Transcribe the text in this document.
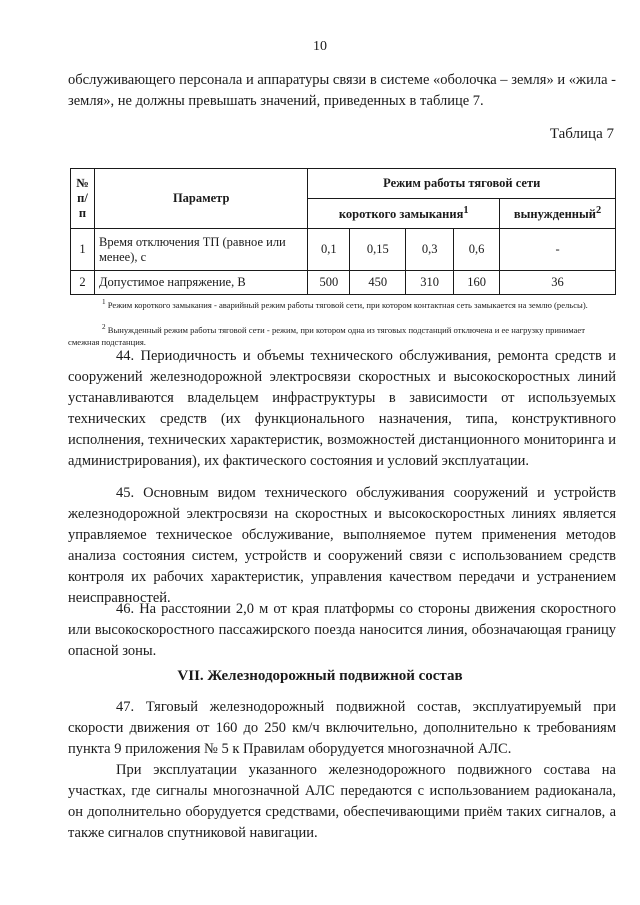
10

обслуживающего персонала и аппаратуры связи в системе «оболочка – земля» и «жила - земля», не должны превышать значений, приведенных в таблице 7.

Таблица 7
№ п/п	Параметр	Режим работы тяговой сети				
		короткого замыкания$^1$				вынужденный$^2$
1	Время отключения ТП (равное или менее), с	0,1	0,15	0,3	0,6	-
2	Допустимое напряжение, В	500	450	310	160	36

$^1$ Режим короткого замыкания - аварийный режим работы тяговой сети, при котором контактная сеть замыкается на землю (рельсы).

$^2$ Вынужденный режим работы тяговой сети - режим, при котором одна из тяговых подстанций отключена и ее нагрузку принимает смежная подстанция.

44. Периодичность и объемы технического обслуживания, ремонта средств и сооружений железнодорожной электросвязи скоростных и высокоскоростных линий устанавливаются владельцем инфраструктуры в зависимости от используемых технических средств (их функционального назначения, типа, конструктивного исполнения, технических характеристик, возможностей дистанционного мониторинга и администрирования), их фактического состояния и условий эксплуатации.

45. Основным видом технического обслуживания сооружений и устройств железнодорожной электросвязи на скоростных и высокоскоростных линиях является управляемое техническое обслуживание, выполняемое путем применения методов анализа состояния систем, устройств и сооружений связи с использованием средств контроля их рабочих характеристик, управления качеством передачи и устранением неисправностей.

46. На расстоянии 2,0 м от края платформы со стороны движения скоростного или высокоскоростного пассажирского поезда наносится линия, обозначающая границу опасной зоны.

VII. Железнодорожный подвижной состав

47. Тяговый железнодорожный подвижной состав, эксплуатируемый при скорости движения от 160 до 250 км/ч включительно, дополнительно к требованиям пункта 9 приложения № 5 к Правилам оборудуется многозначной АЛС.

При эксплуатации указанного железнодорожного подвижного состава на участках, где сигналы многозначной АЛС передаются с использованием радиоканала, он дополнительно оборудуется средствами, обеспечивающими приём таких сигналов, а также сигналов спутниковой навигации.
